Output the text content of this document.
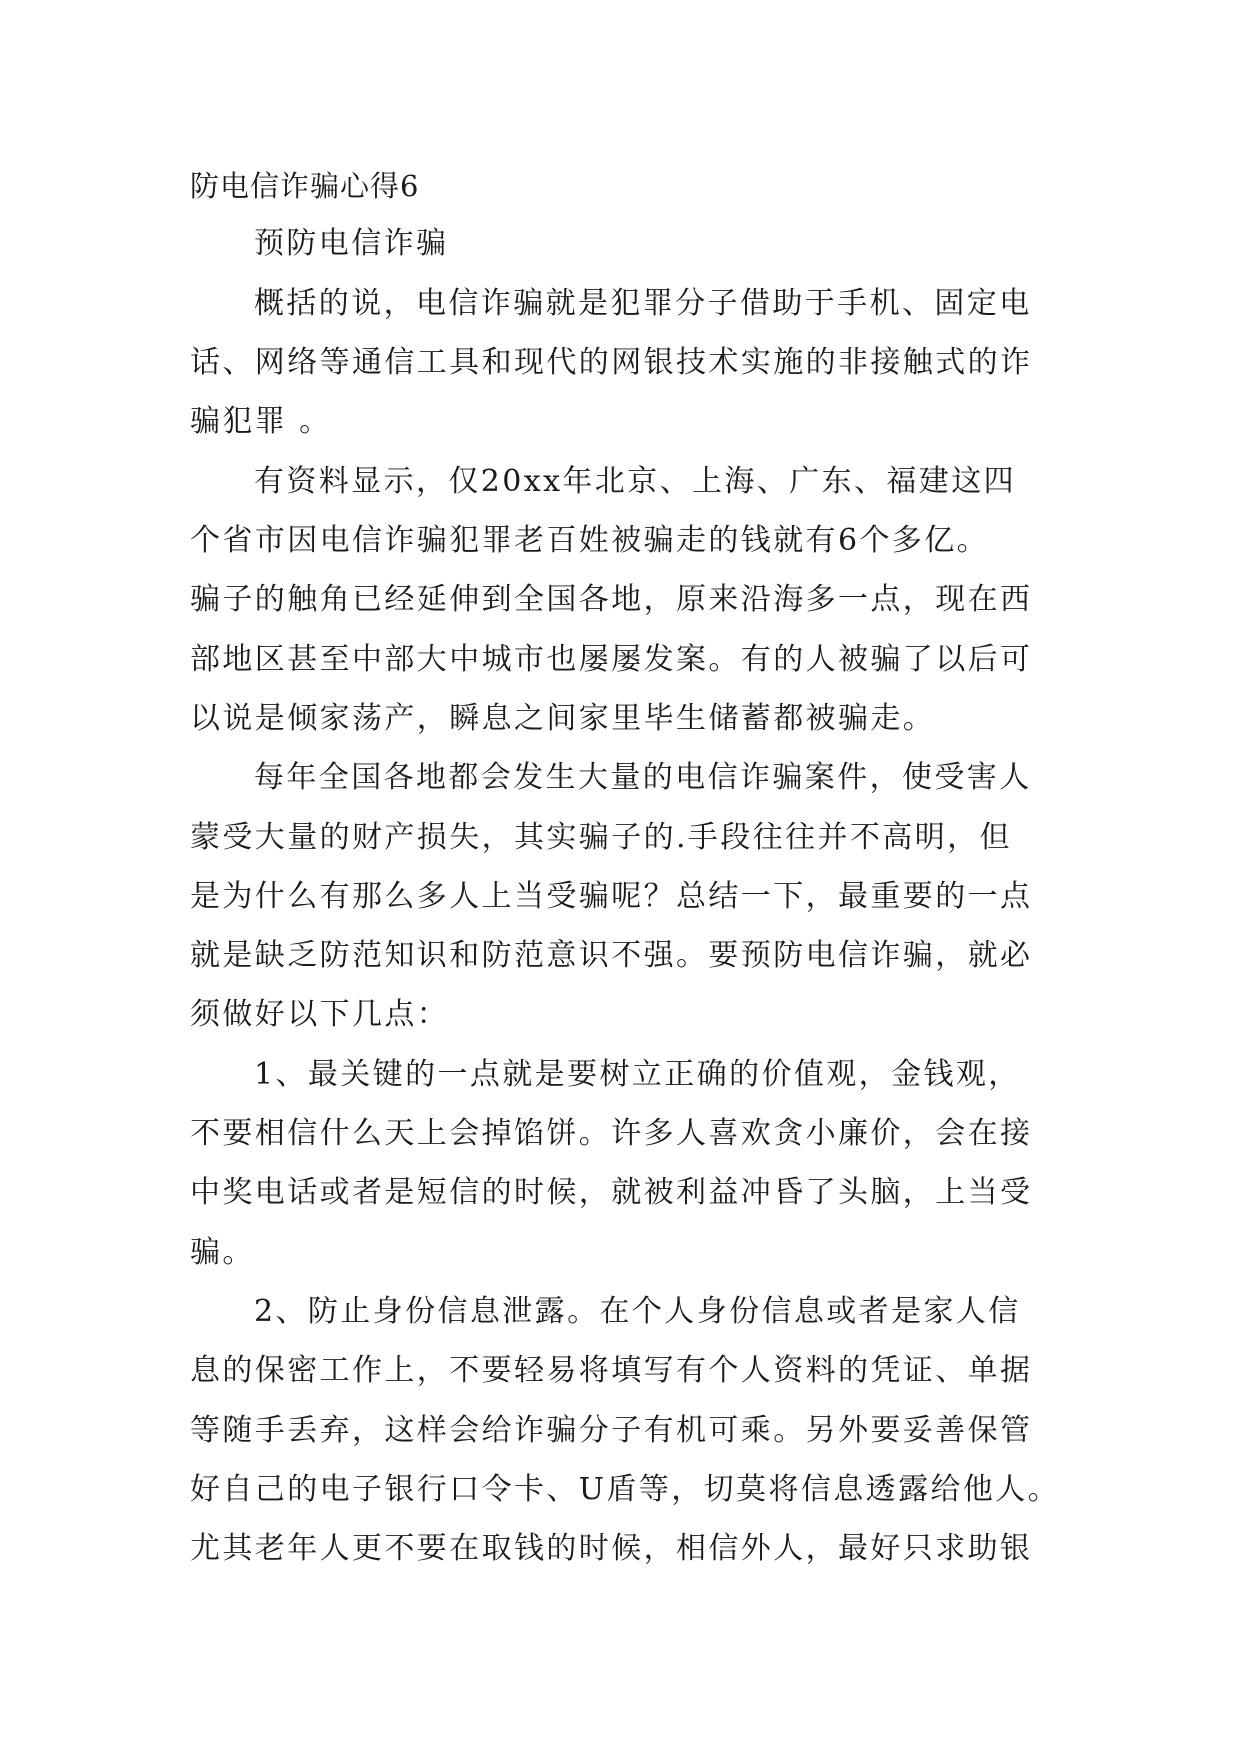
防电信诈骗心得6
预防电信诈骗
概括的说，电信诈骗就是犯罪分子借助于手机、固定电
话、网络等通信工具和现代的网银技术实施的非接触式的诈
骗犯罪 。
有资料显示，仅20xx年北京、上海、广东、福建这四
个省市因电信诈骗犯罪老百姓被骗走的钱就有6个多亿。
骗子的触角已经延伸到全国各地，原来沿海多一点，现在西
部地区甚至中部大中城市也屡屡发案。有的人被骗了以后可
以说是倾家荡产，瞬息之间家里毕生储蓄都被骗走。
每年全国各地都会发生大量的电信诈骗案件，使受害人
蒙受大量的财产损失，其实骗子的.手段往往并不高明，但
是为什么有那么多人上当受骗呢？总结一下，最重要的一点
就是缺乏防范知识和防范意识不强。要预防电信诈骗，就必
须做好以下几点：
1、最关键的一点就是要树立正确的价值观，金钱观，
不要相信什么天上会掉馅饼。许多人喜欢贪小廉价，会在接
中奖电话或者是短信的时候，就被利益冲昏了头脑，上当受
骗。
2、防止身份信息泄露。在个人身份信息或者是家人信
息的保密工作上，不要轻易将填写有个人资料的凭证、单据
等随手丢弃，这样会给诈骗分子有机可乘。另外要妥善保管
好自己的电子银行口令卡、U盾等，切莫将信息透露给他人。
尤其老年人更不要在取钱的时候，相信外人，最好只求助银
